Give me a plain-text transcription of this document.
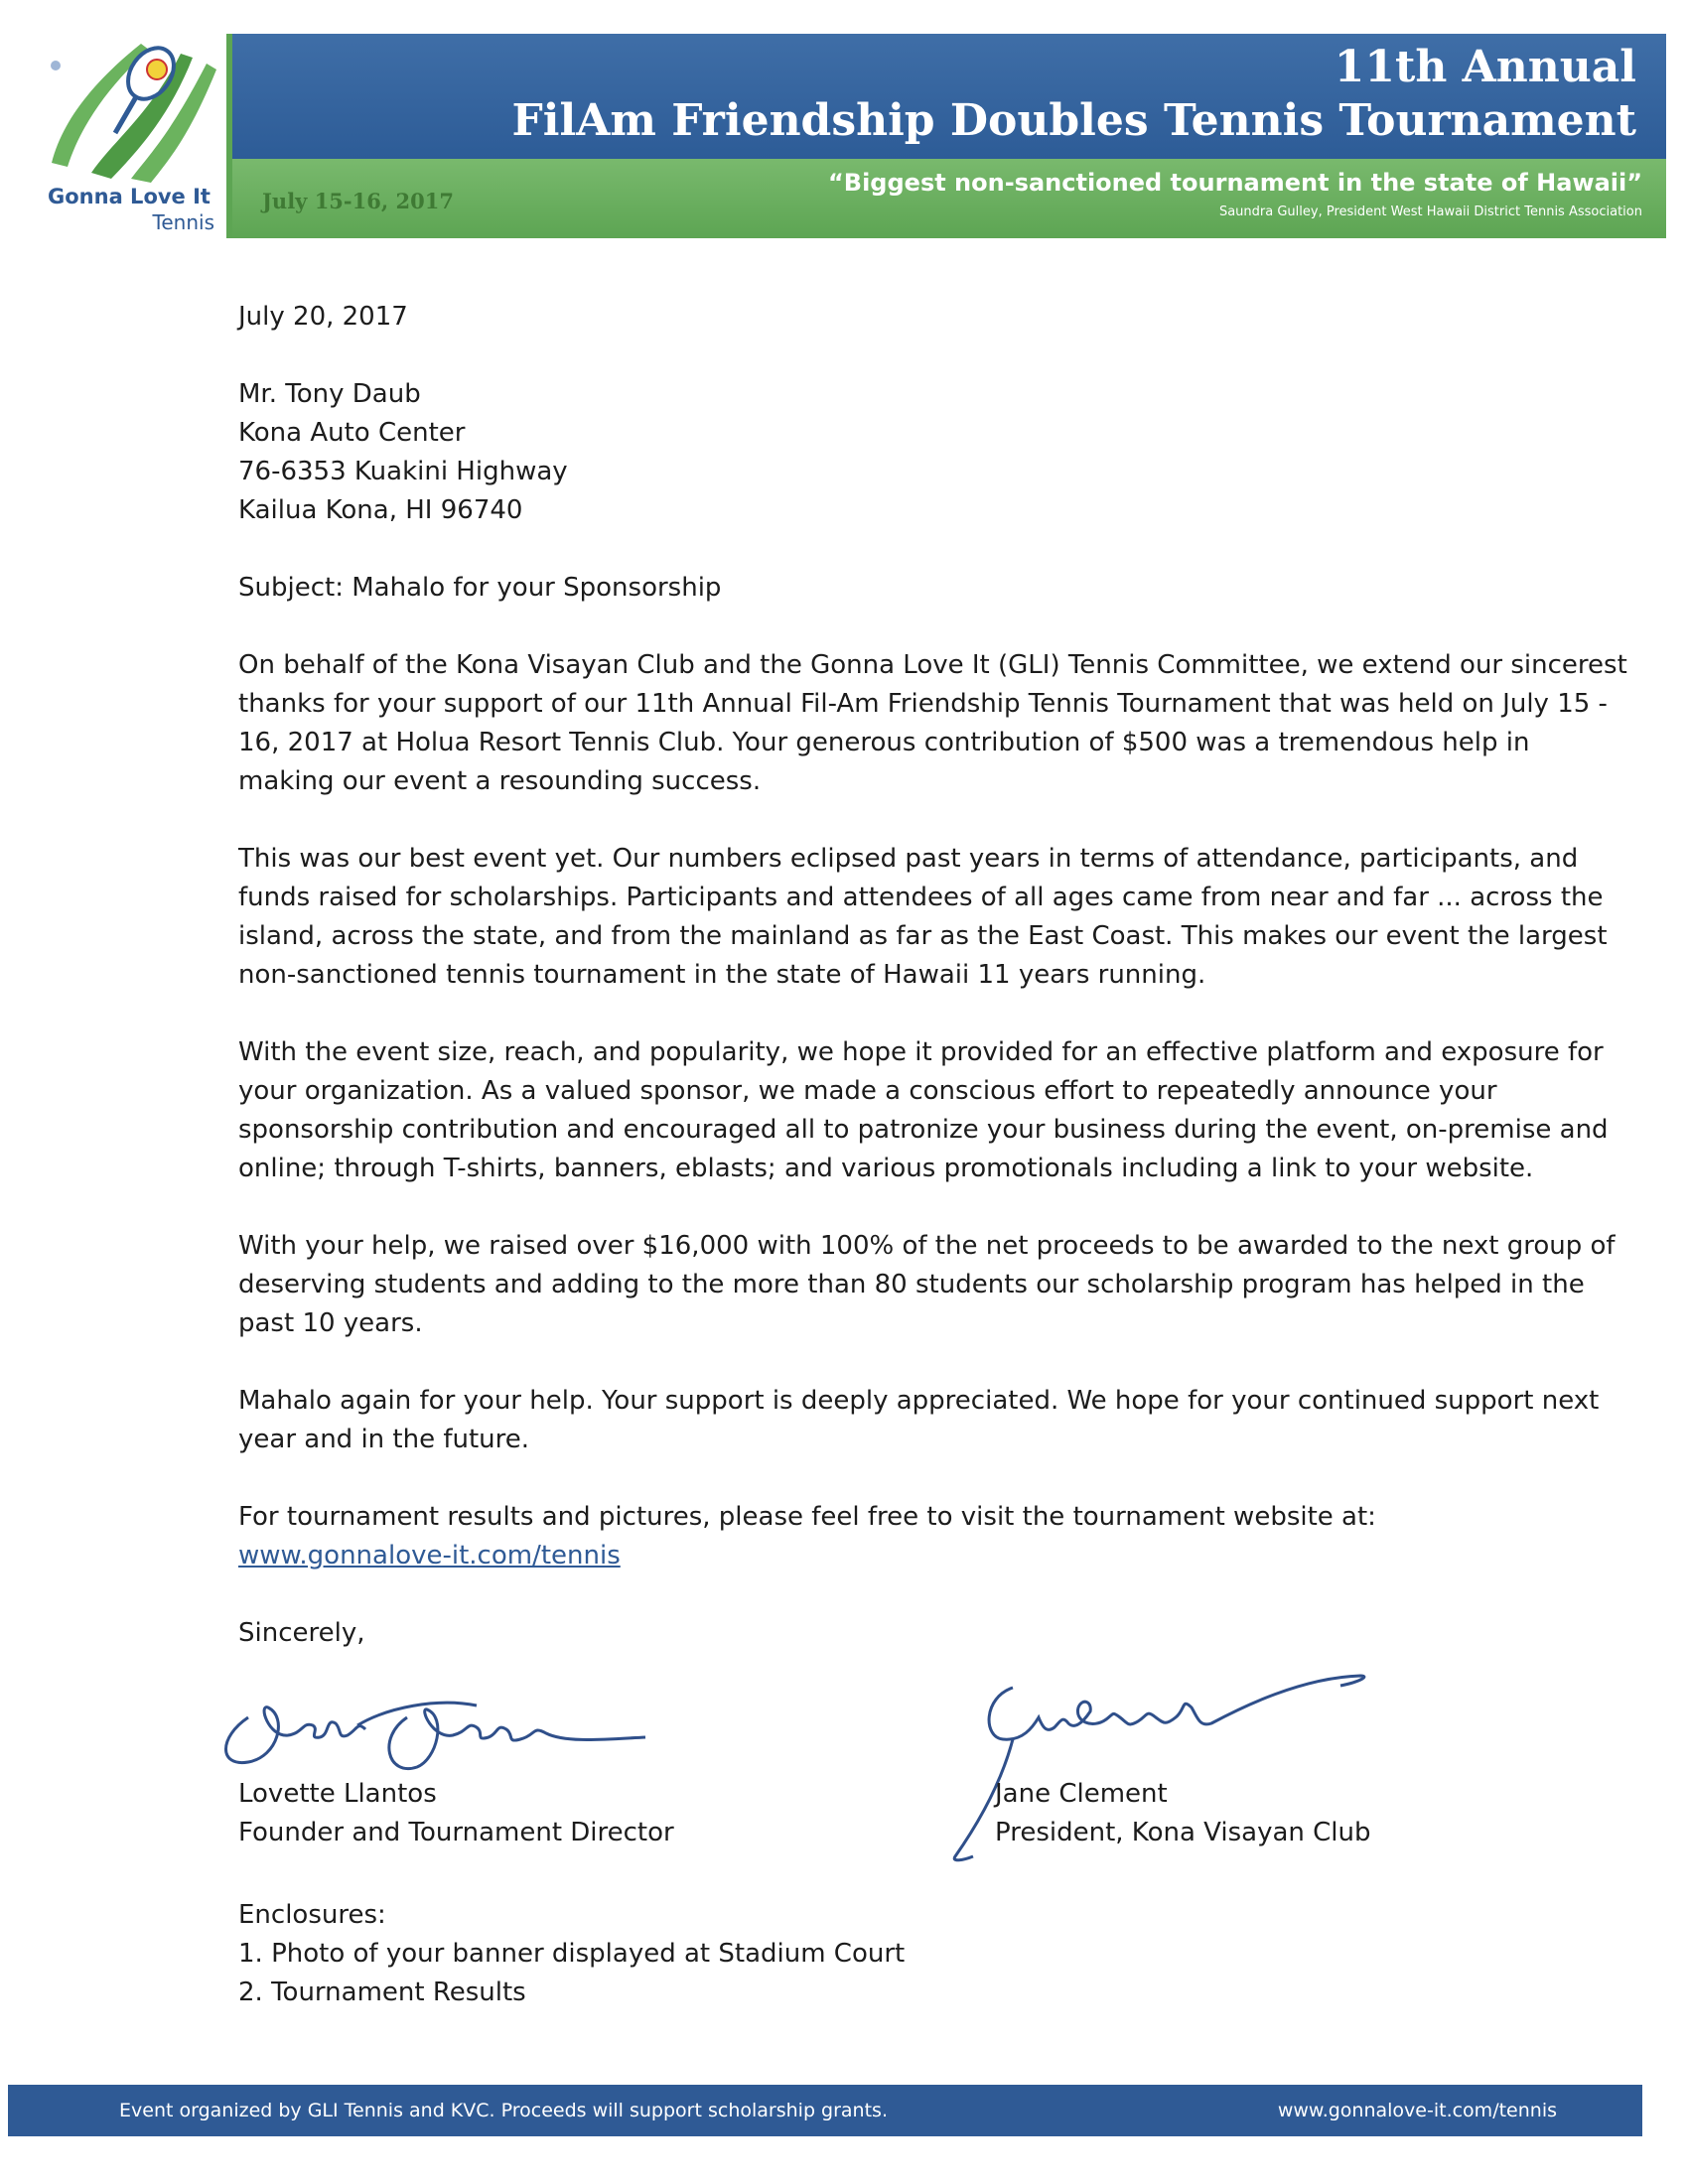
Gonna Love It
Tennis
11th Annual
FilAm Friendship Doubles Tennis Tournament
July 15-16, 2017
“Biggest non-sanctioned tournament in the state of Hawaii”
Saundra Gulley, President West Hawaii District Tennis Association

July 20, 2017

Mr. Tony Daub

Kona Auto Center

76-6353 Kuakini Highway

Kailua Kona, HI 96740

Subject: Mahalo for your Sponsorship

On behalf of the Kona Visayan Club and the Gonna Love It (GLI) Tennis Committee, we extend our sincerest thanks for your support of our 11th Annual Fil-Am Friendship Tennis Tournament that was held on July 15 - 16, 2017 at Holua Resort Tennis Club. Your generous contribution of $500 was a tremendous help in making our event a resounding success.

This was our best event yet. Our numbers eclipsed past years in terms of attendance, participants, and funds raised for scholarships. Participants and attendees of all ages came from near and far ... across the island, across the state, and from the mainland as far as the East Coast. This makes our event the largest non-sanctioned tennis tournament in the state of Hawaii 11 years running.

With the event size, reach, and popularity, we hope it provided for an effective platform and exposure for your organization. As a valued sponsor, we made a conscious effort to repeatedly announce your sponsorship contribution and encouraged all to patronize your business during the event, on-premise and online; through T-shirts, banners, eblasts; and various promotionals including a link to your website.

With your help, we raised over $16,000 with 100% of the net proceeds to be awarded to the next group of deserving students and adding to the more than 80 students our scholarship program has helped in the past 10 years.

Mahalo again for your help. Your support is deeply appreciated. We hope for your continued support next year and in the future.

For tournament results and pictures, please feel free to visit the tournament website at:

www.gonnalove-it.com/tennis

Sincerely,

Lovette Llantos

Founder and Tournament Director

Jane Clement

President, Kona Visayan Club

Enclosures:

1. Photo of your banner displayed at Stadium Court

2. Tournament Results

Event organized by GLI Tennis and KVC. Proceeds will support scholarship grants.	www.gonnalove-it.com/tennis
